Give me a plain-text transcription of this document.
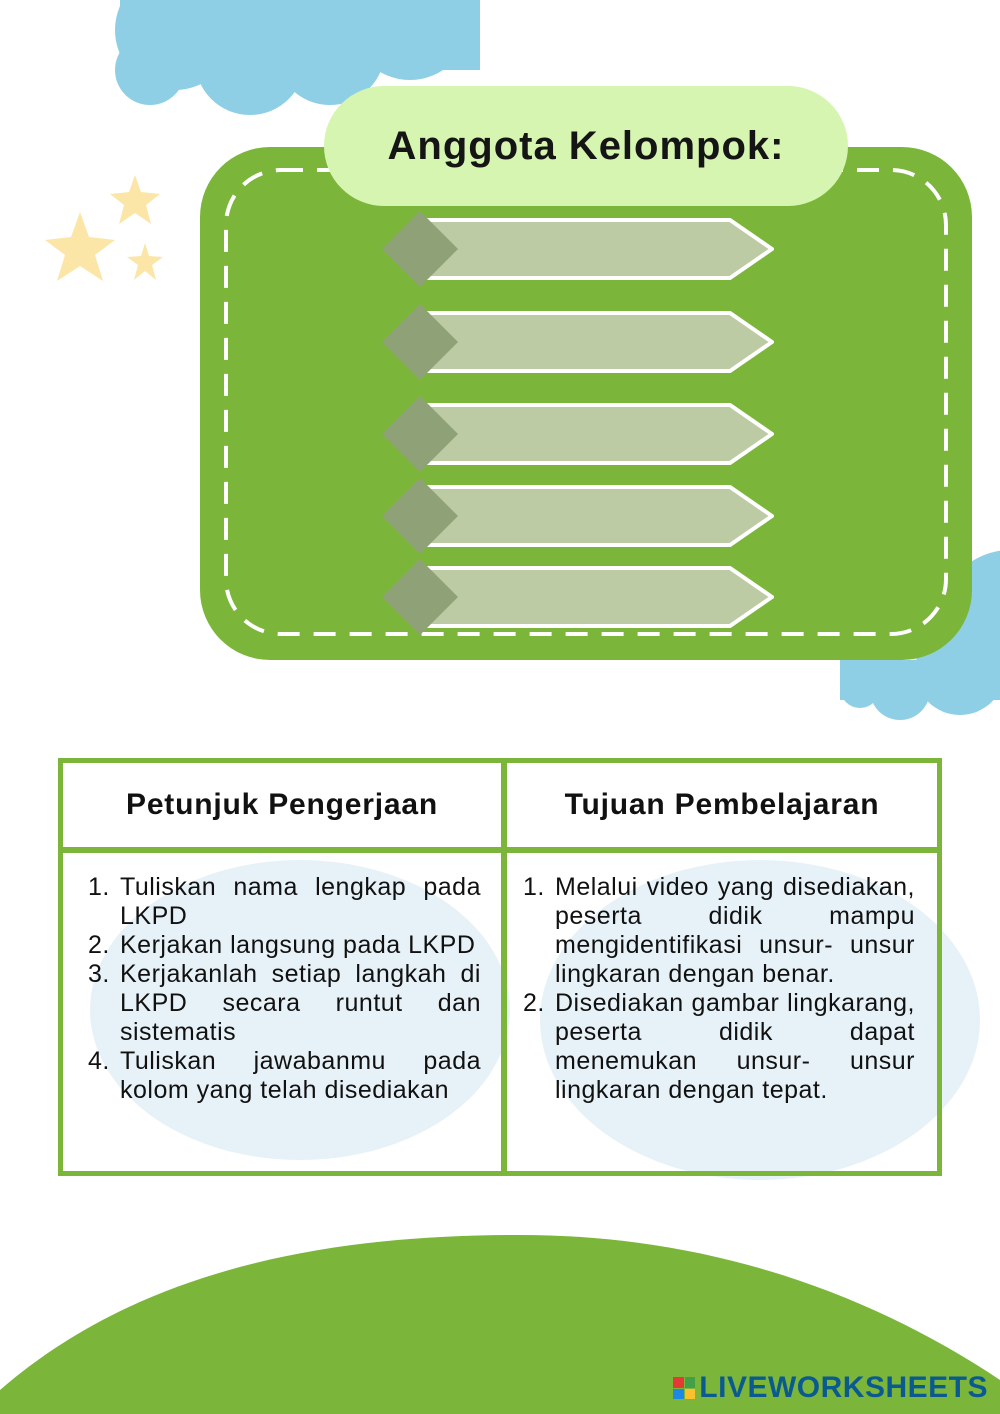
Anggota Kelompok:
Petunjuk Pengerjaan	Tujuan Pembelajaran
1. Tuliskan nama lengkap pada LKPD
2. Kerjakan langsung pada LKPD
3. Kerjakanlah setiap langkah di LKPD secara runtut dan sistematis
4. Tuliskan jawabanmu pada kolom yang telah disediakan
1. Melalui video yang disediakan, peserta didik mampu mengidentifikasi unsur- unsur lingkaran dengan benar.
2. Disediakan gambar lingkarang, peserta didik dapat menemukan unsur- unsur lingkaran dengan tepat.
LIVEWORKSHEETS
